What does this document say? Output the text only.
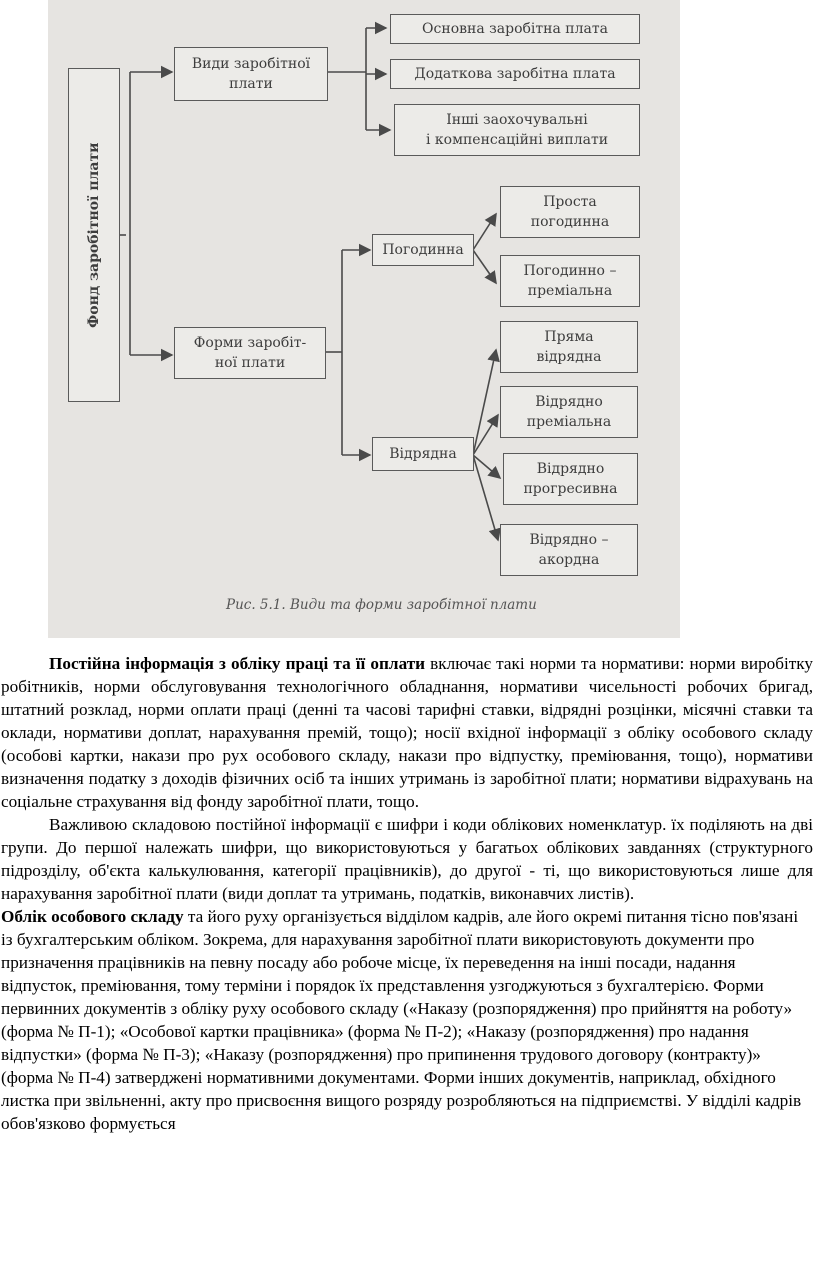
Фонд заробітної плати
Види заробітної
плати
Основна заробітна плата
Додаткова заробітна плата
Інші заохочувальні
і компенсаційні виплати
Форми заробіт-
ної плати
Погодинна
Проста
погодинна
Погодинно –
преміальна
Відрядна
Пряма
відрядна
Відрядно
преміальна
Відрядно
прогресивна
Відрядно –
акордна
Рис. 5.1. Види та форми заробітної плати

Постійна інформація з обліку праці та її оплати включає такі норми та нормативи: норми виробітку робітників, норми обслуговування технологічного обладнання, нормативи чисельності робочих бригад, штатний розклад, норми оплати праці (денні та часові тарифні ставки, відрядні розцінки, місячні ставки та оклади, нормативи доплат, нарахування премій, тощо); носії вхідної інформації з обліку особового складу (особові картки, накази про рух особового складу, накази про відпустку, преміювання, тощо), нормативи визначення податку з доходів фізичних осіб та інших утримань із заробітної плати; нормативи відрахувань на соціальне страхування від фонду заробітної плати, тощо.

Важливою складовою постійної інформації є шифри і коди облікових номенклатур. їх поділяють на дві групи. До першої належать шифри, що використовуються у багатьох облікових завданнях (структурного підрозділу, об'єкта калькулювання, категорії працівників), до другої - ті, що використовуються лише для нарахування заробітної плати (види доплат та утримань, податків, виконавчих листів).

Облік особового складу та його руху організується відділом кадрів, але його окремі питання тісно пов'язані із бухгалтерським обліком. Зокрема, для нарахування заробітної плати використовують документи про призначення працівників на певну посаду або робоче місце, їх переведення на інші посади, надання відпусток, преміювання, тому терміни і порядок їх представлення узгоджуються з бухгалтерією. Форми первинних документів з обліку руху особового складу («Наказу (розпорядження) про прийняття на роботу» (форма № П-1); «Особової картки працівника» (форма № П-2); «Наказу (розпорядження) про надання відпустки» (форма № П-3); «Наказу (розпорядження) про припинення трудового договору (контракту)» (форма № П-4) затверджені нормативними документами. Форми інших документів, наприклад, обхідного листка при звільненні, акту про присвоєння вищого розряду розробляються на підприємстві. У відділі кадрів обов'язково формується
